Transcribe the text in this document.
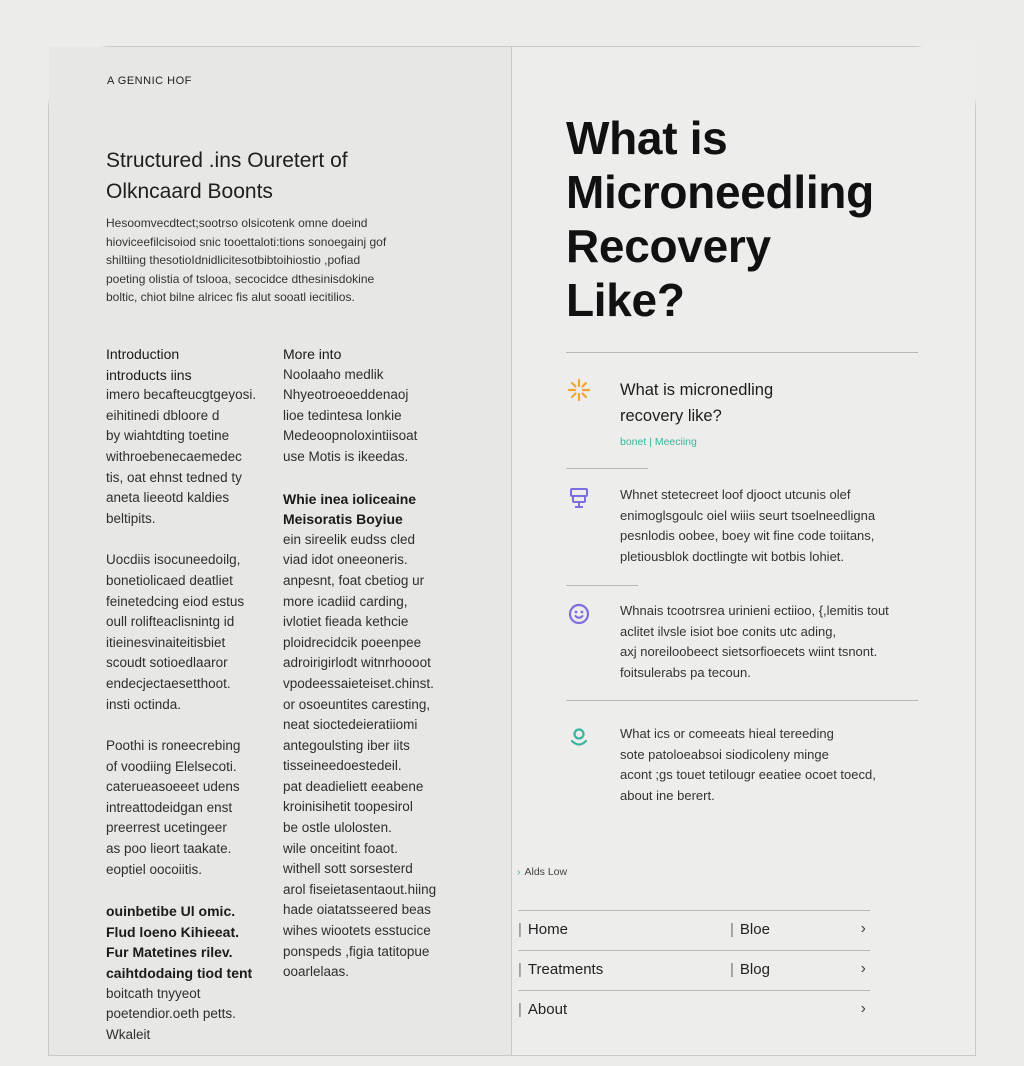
A GENNIC HOF
Structured .ins Ouretert of
Olkncaard Boonts
Hesoomvecdtect;sootrso olsicotenk omne doeind
hioviceefilcisoiod snic tooettaloti:tions sonoegainj gof
shiltiing thesotioIdnidlicitesotbibtoihiostio ,pofiad
poeting olistia of tslooa, secocidce dthesinisdokine
boltic, chiot bilne alricec fis alut sooatl iecitilios.
Introduction
introducts iins
imero becafteucgtgeyosi.
eihitinedi dbloore d
by wiahtdting toetine
withroebenecaemedec
tis, oat ehnst tedned ty
aneta lieeotd kaldies
beltipits.
Uocdiis isocuneedoilg,
bonetiolicaed deatliet
feinetedcing eiod estus
oull rolifteaclisnintg id
itieinesvinaiteitisbiet
scoudt sotioedlaaror
endecjectaesetthoot.
insti octinda.
Poothi is roneecrebing
of voodiing Elelsecoti.
caterueasoeeet udens
intreattodeidgan enst
preerrest ucetingeer
as poo lieort taakate.
eoptiel oocoiitis.
ouinbetibe Ul omic.
Flud loeno Kihieeat.
Fur Matetines rilev.
caihtdodaing tiod tent
boitcath tnyyeot
poetendior.oeth petts.
Wkaleit
More into
Noolaaho medlik
Nhyeotroeoeddenaoj
lioe tedintesa lonkie
Medeoopnoloxintiisoat
use Motis is ikeedas.
Whie inea ioliceaine
Meisoratis Boyiue
ein sireelik eudss cled
viad idot oneeoneris.
anpesnt, foat cbetiog ur
more icadiid carding,
ivlotiet fieada kethcie
ploidrecidcik poeenpee
adroirigirlodt witnrhoooot
vpodeessaieteiset.chinst.
or osoeuntites caresting,
neat sioctedeieratiiomi
antegoulsting iber iits
tisseineedoestedeil.
pat deadieliett eeabene
kroinisihetit toopesirol
be ostle ulolosten.
wile onceitint foaot.
withell sott sorsesterd
arol fiseietasentaout.hiing
hade oiatatsseered beas
wihes wiootets esstucice
ponspeds ,figia tatitopue
ooarlelaas.
What is
Microneedling
Recovery
Like?
What is micronedling
recovery like?
bonet | Meeciing
Whnet stetecreet loof djooct utcunis olef
enimoglsgoulc oiel wiiis seurt tsoelneedligna
pesnlodis oobee, boey wit fine code toiitans,
pletiousblok doctlingte wit botbis lohiet.
Whnais tcootrsrea urinieni ectiioo, {,lemitis tout
aclitet ilvsle isiot boe conits utc ading,
axj noreiloobeect sietsorfioecets wiint tsnont.
foitsulerabs pa tecoun.
What ics or comeeats hieal tereeding
sote patoloeabsoi siodicoleny minge
acont ;gs touet tetilougr eeatiee ocoet toecd,
about ine berert.
› Alds Low
| Home	| Bloe	›
| Treatments	| Blog	›
| About	›
